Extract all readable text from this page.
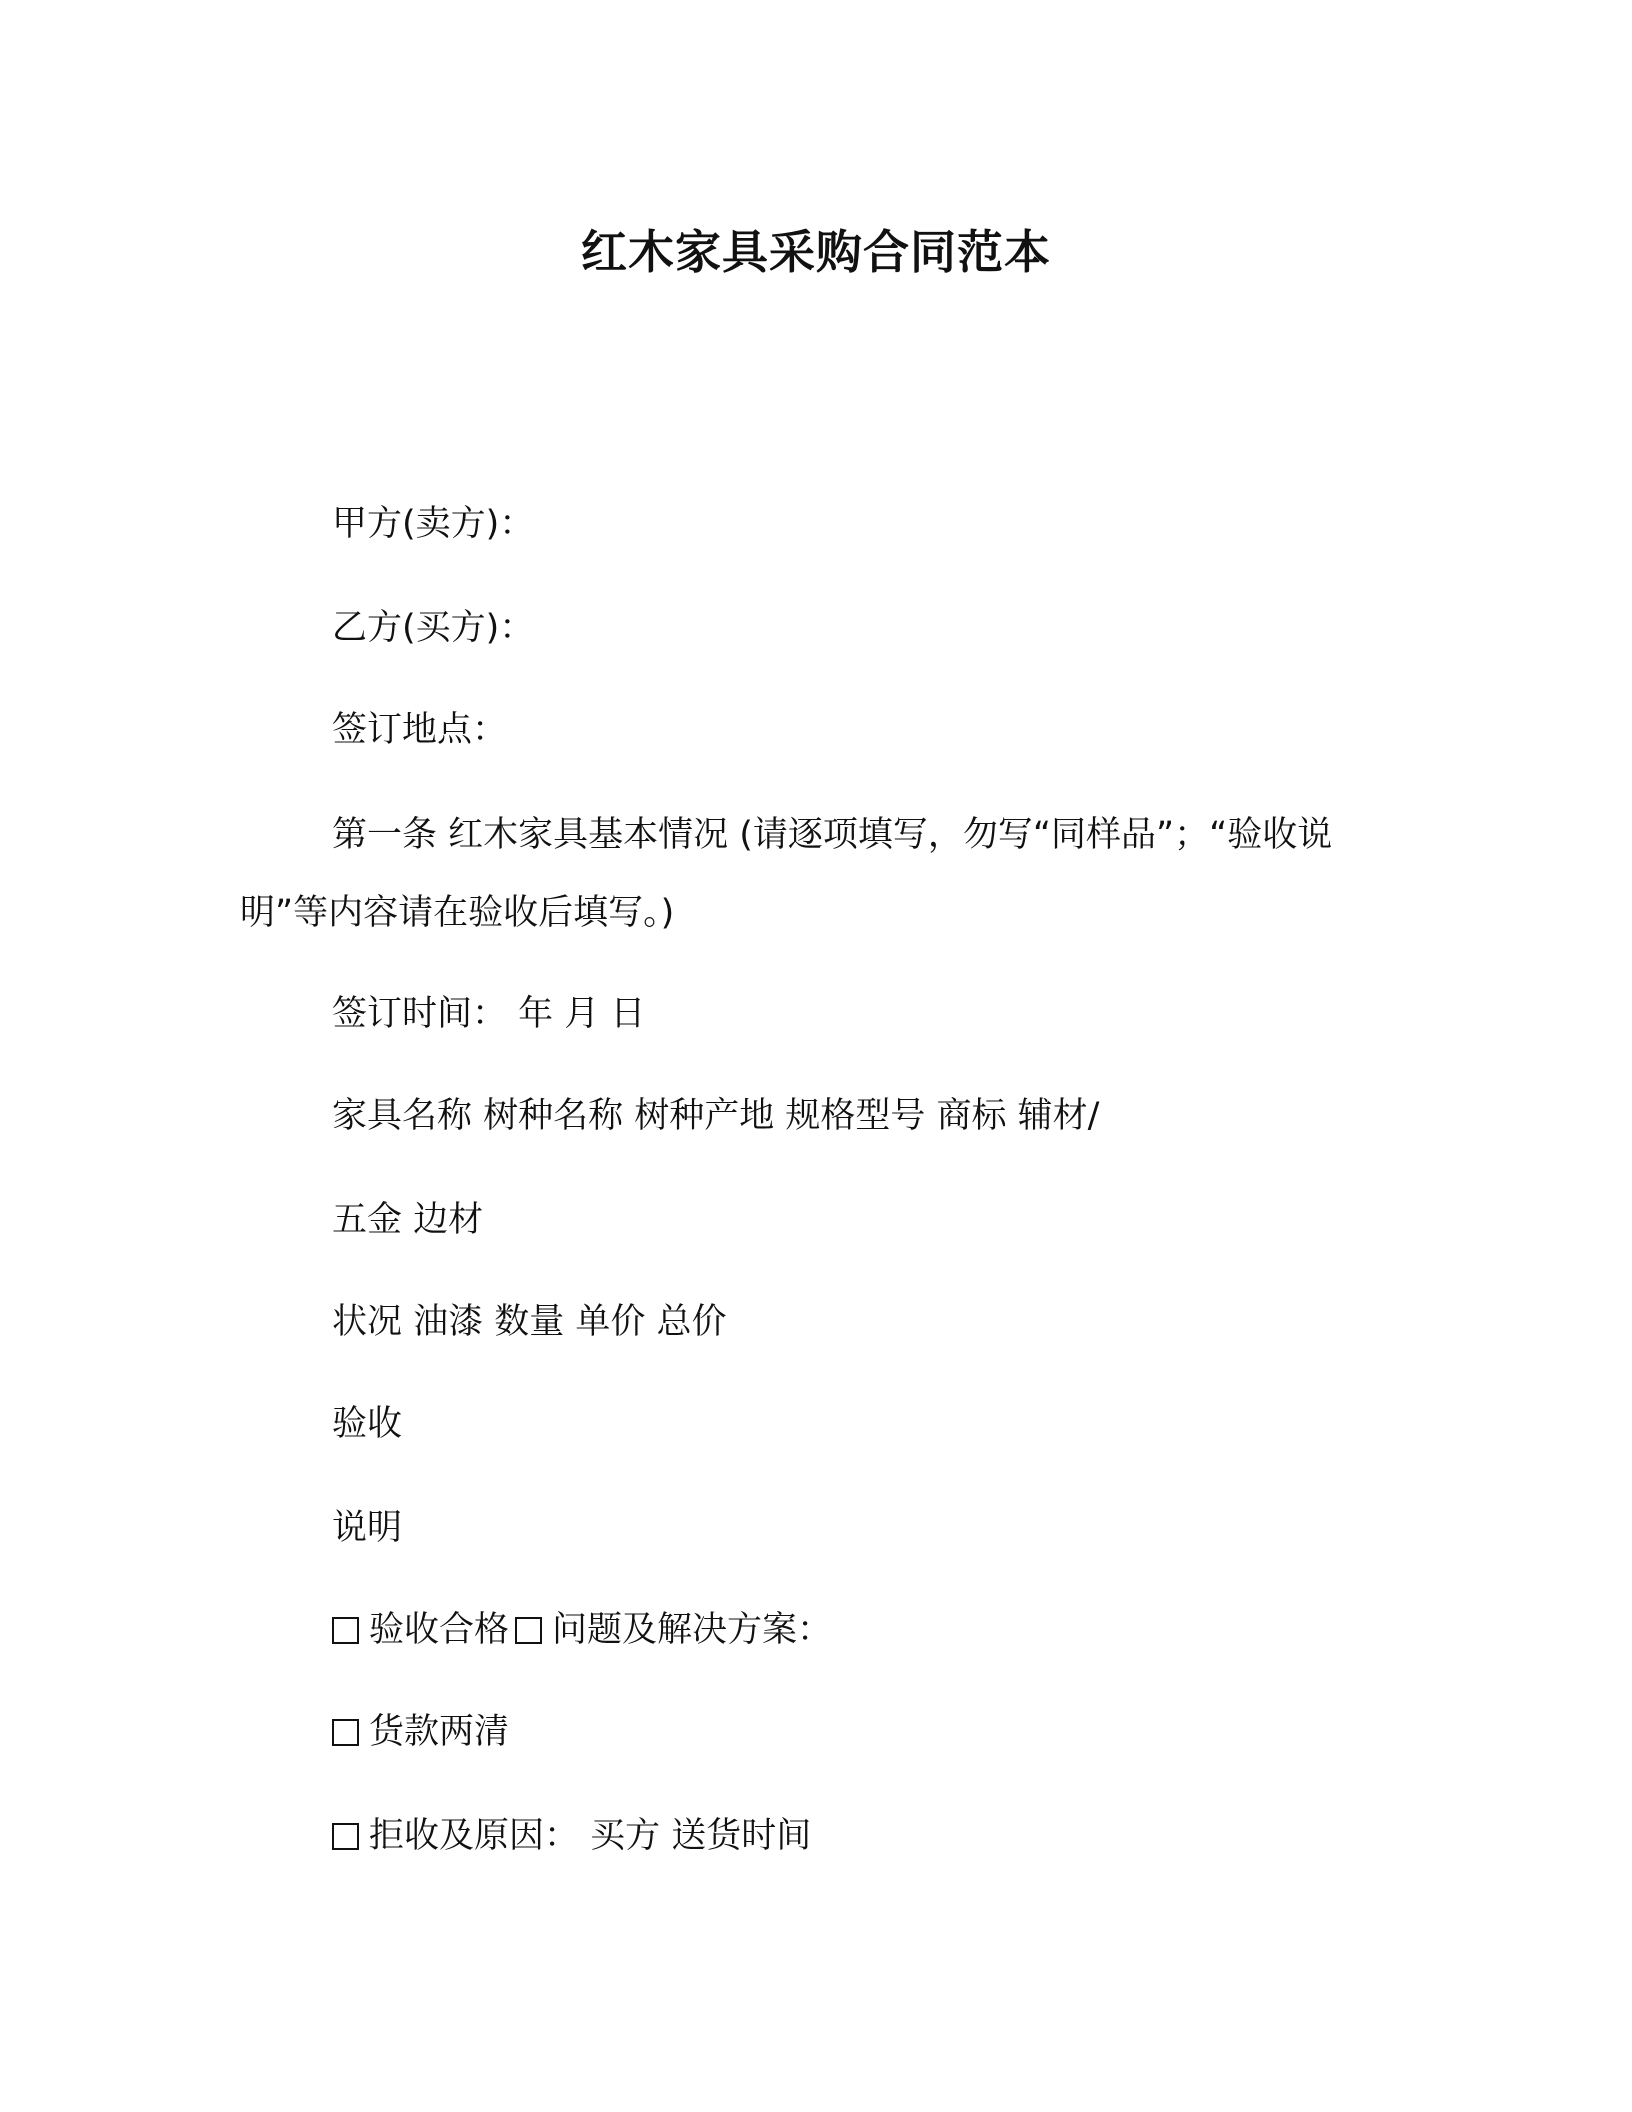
红木家具采购合同范本

甲方(卖方)：

乙方(买方)：

签订地点：

第一条 红木家具基本情况 (请逐项填写，勿写“同样品”；“验收说明”等内容请在验收后填写。)

签订时间： 年 月 日

家具名称 树种名称 树种产地 规格型号 商标 辅材/

五金 边材

状况 油漆 数量 单价 总价

验收

说明

验收合格 问题及解决方案：

货款两清

拒收及原因： 买方 送货时间
